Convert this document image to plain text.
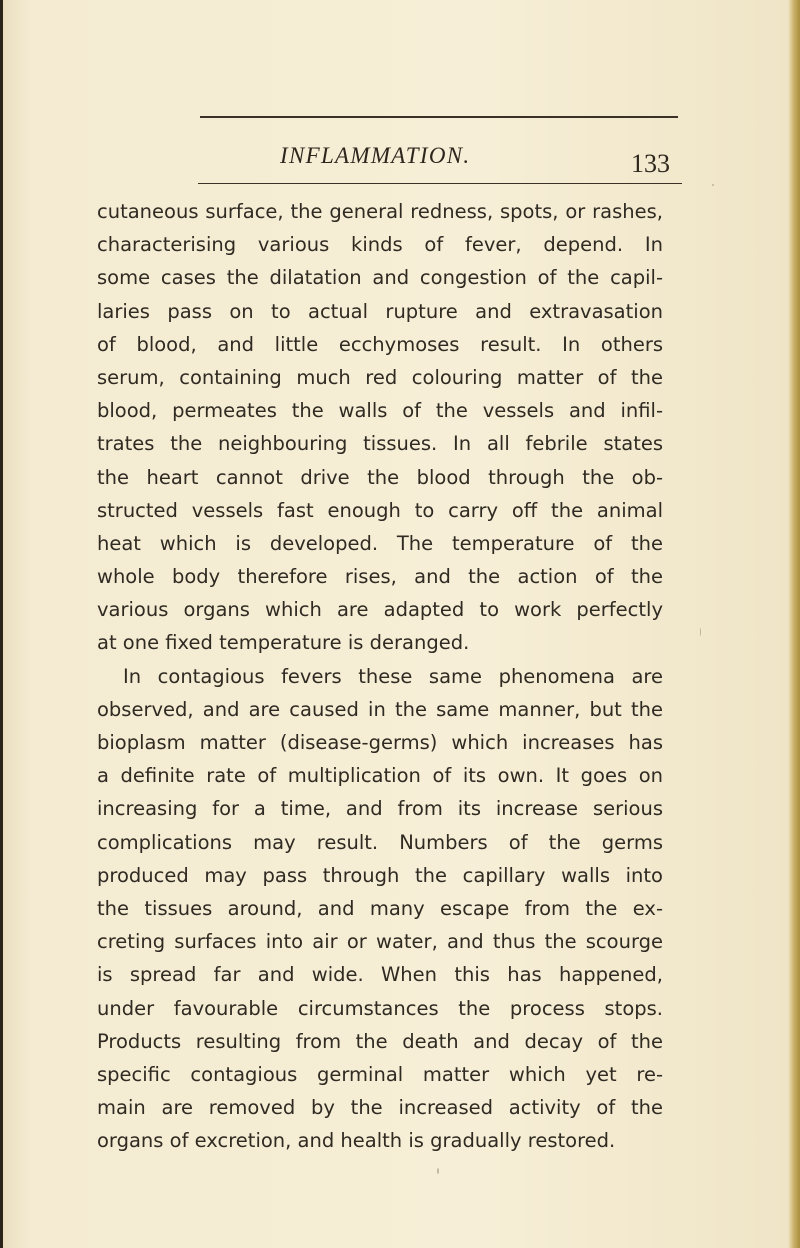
INFLAMMATION.	133
cutaneous surface, the general redness, spots, or rashes,
characterising various kinds of fever, depend. In
some cases the dilatation and congestion of the capil-
laries pass on to actual rupture and extravasation
of blood, and little ecchymoses result. In others
serum, containing much red colouring matter of the
blood, permeates the walls of the vessels and infil-
trates the neighbouring tissues. In all febrile states
the heart cannot drive the blood through the ob-
structed vessels fast enough to carry off the animal
heat which is developed. The temperature of the
whole body therefore rises, and the action of the
various organs which are adapted to work perfectly
at one fixed temperature is deranged.
In contagious fevers these same phenomena are
observed, and are caused in the same manner, but the
bioplasm matter (disease-germs) which increases has
a definite rate of multiplication of its own. It goes on
increasing for a time, and from its increase serious
complications may result. Numbers of the germs
produced may pass through the capillary walls into
the tissues around, and many escape from the ex-
creting surfaces into air or water, and thus the scourge
is spread far and wide. When this has happened,
under favourable circumstances the process stops.
Products resulting from the death and decay of the
specific contagious germinal matter which yet re-
main are removed by the increased activity of the
organs of excretion, and health is gradually restored.
